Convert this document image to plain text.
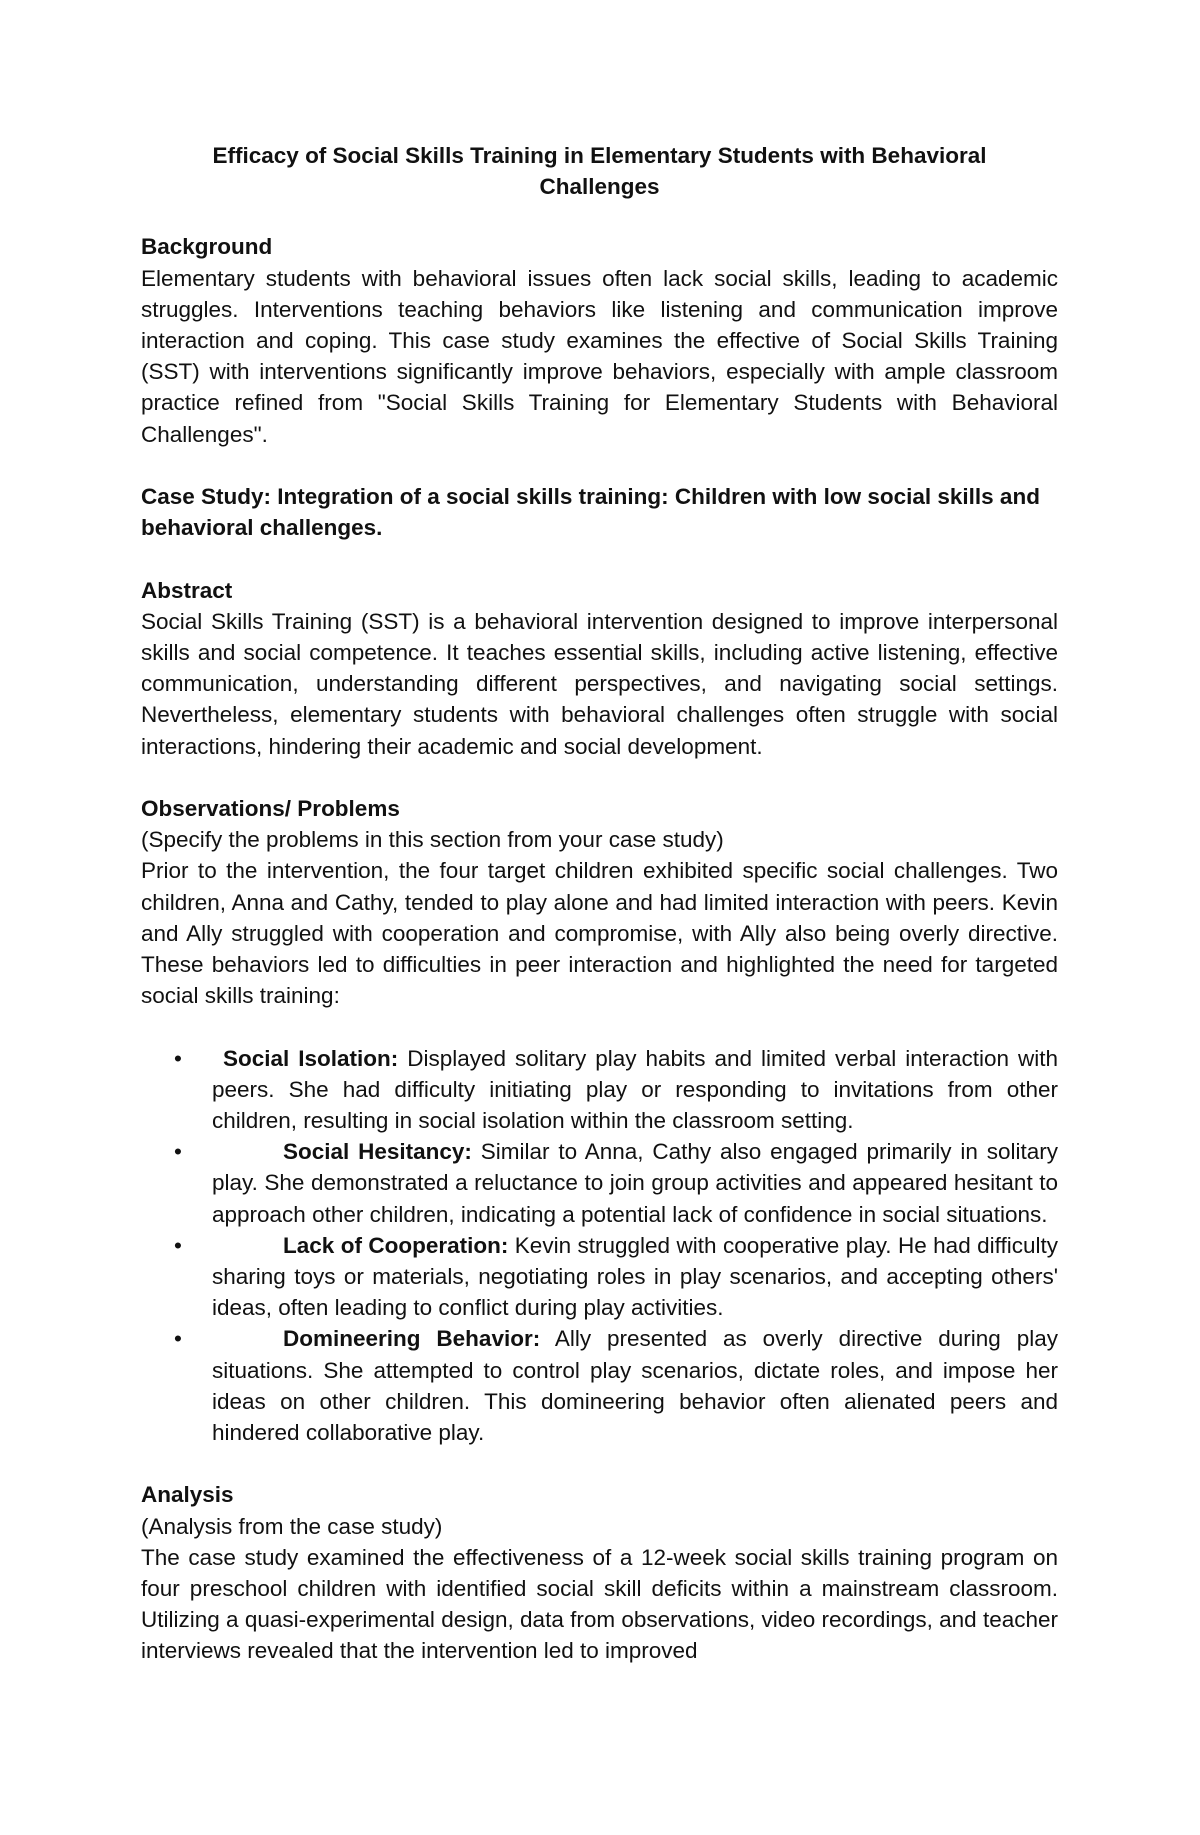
Efficacy of Social Skills Training in Elementary Students with Behavioral
Challenges

Background

Elementary students with behavioral issues often lack social skills, leading to academic struggles. Interventions teaching behaviors like listening and communication improve interaction and coping. This case study examines the effective of Social Skills Training (SST) with interventions significantly improve behaviors, especially with ample classroom practice refined from "Social Skills Training for Elementary Students with Behavioral Challenges".

Case Study: Integration of a social skills training: Children with low social skills and behavioral challenges.

Abstract

Social Skills Training (SST) is a behavioral intervention designed to improve interpersonal skills and social competence. It teaches essential skills, including active listening, effective communication, understanding different perspectives, and navigating social settings. Nevertheless, elementary students with behavioral challenges often struggle with social interactions, hindering their academic and social development.

Observations/ Problems

(Specify the problems in this section from your case study)

Prior to the intervention, the four target children exhibited specific social challenges. Two children, Anna and Cathy, tended to play alone and had limited interaction with peers. Kevin and Ally struggled with cooperation and compromise, with Ally also being overly directive. These behaviors led to difficulties in peer interaction and highlighted the need for targeted social skills training:

• Social Isolation: Displayed solitary play habits and limited verbal interaction with peers. She had difficulty initiating play or responding to invitations from other children, resulting in social isolation within the classroom setting.
•	Social Hesitancy: Similar to Anna, Cathy also engaged primarily in solitary play. She demonstrated a reluctance to join group activities and appeared hesitant to approach other children, indicating a potential lack of confidence in social situations.
•	Lack of Cooperation: Kevin struggled with cooperative play. He had difficulty sharing toys or materials, negotiating roles in play scenarios, and accepting others' ideas, often leading to conflict during play activities.
•	Domineering Behavior: Ally presented as overly directive during play situations. She attempted to control play scenarios, dictate roles, and impose her ideas on other children. This domineering behavior often alienated peers and hindered collaborative play.

Analysis

(Analysis from the case study)

The case study examined the effectiveness of a 12-week social skills training program on four preschool children with identified social skill deficits within a mainstream classroom. Utilizing a quasi-experimental design, data from observations, video recordings, and teacher interviews revealed that the intervention led to improved
